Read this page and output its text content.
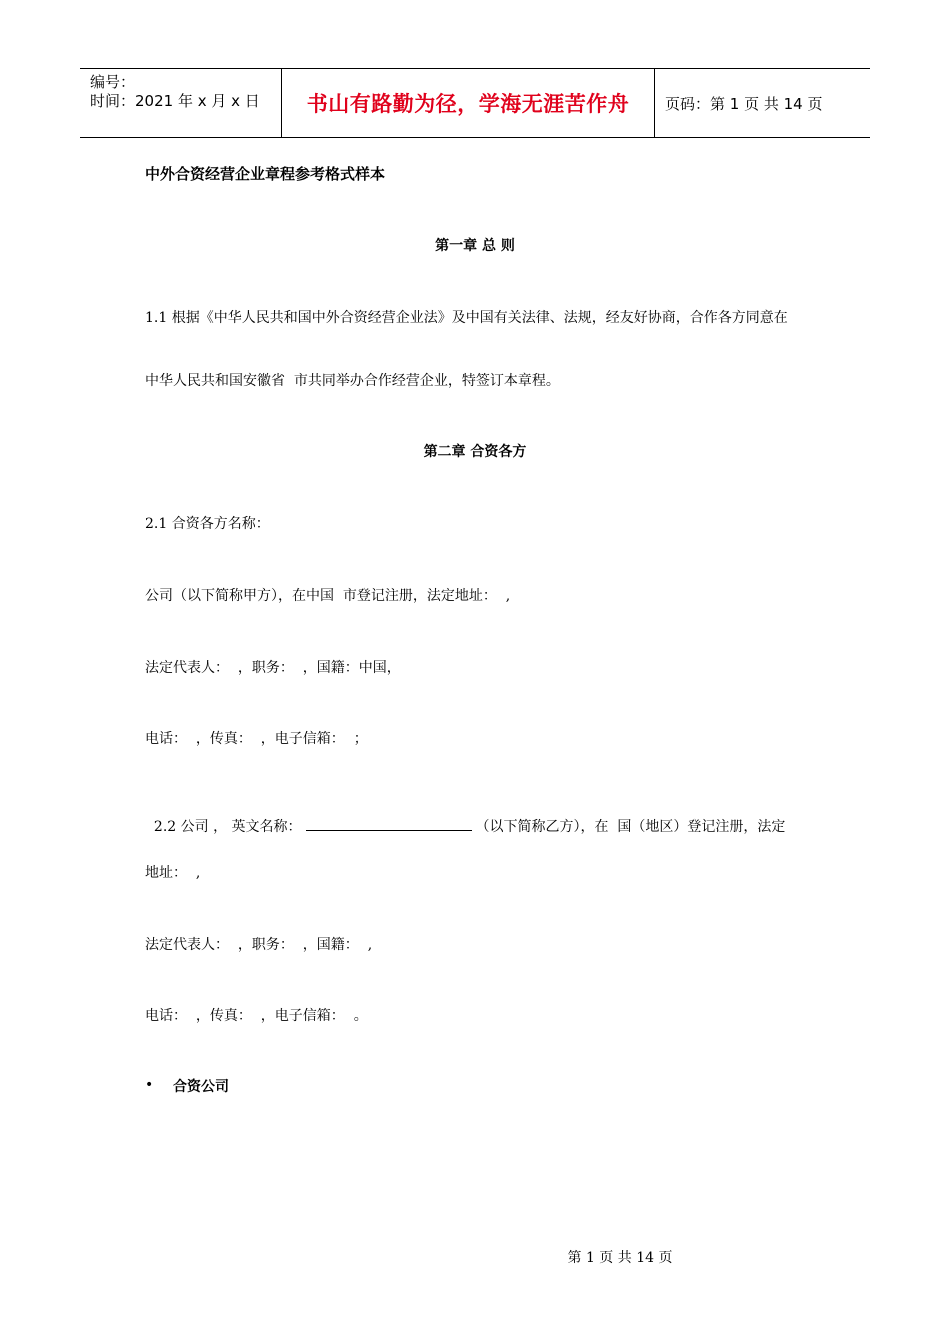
编号：
时间：2021 年 x 月 x 日	书山有路勤为径，学海无涯苦作舟	页码：第 1 页 共 14 页
中外合资经营企业章程参考格式样本
第一章 总 则
1.1 根据《中华人民共和国中外合资经营企业法》及中国有关法律、法规，经友好协商，合作各方同意在
中华人民共和国安徽省  市共同举办合作经营企业，特签订本章程。
第二章 合资各方
2.1 合资各方名称：
公司（以下简称甲方），在中国  市登记注册，法定地址：  ,
法定代表人：  ，职务：  ，国籍：中国，
电话：  ，传真：  ，电子信箱：  ；

2.2 公司 ， 英文名称：	（以下简称乙方），在  国（地区）登记注册，法定

地址：  ,
法定代表人：  ，职务：  ，国籍：  ,
电话：  ，传真：  ，电子信箱：  。
• 合资公司
第 1 页 共 14 页
